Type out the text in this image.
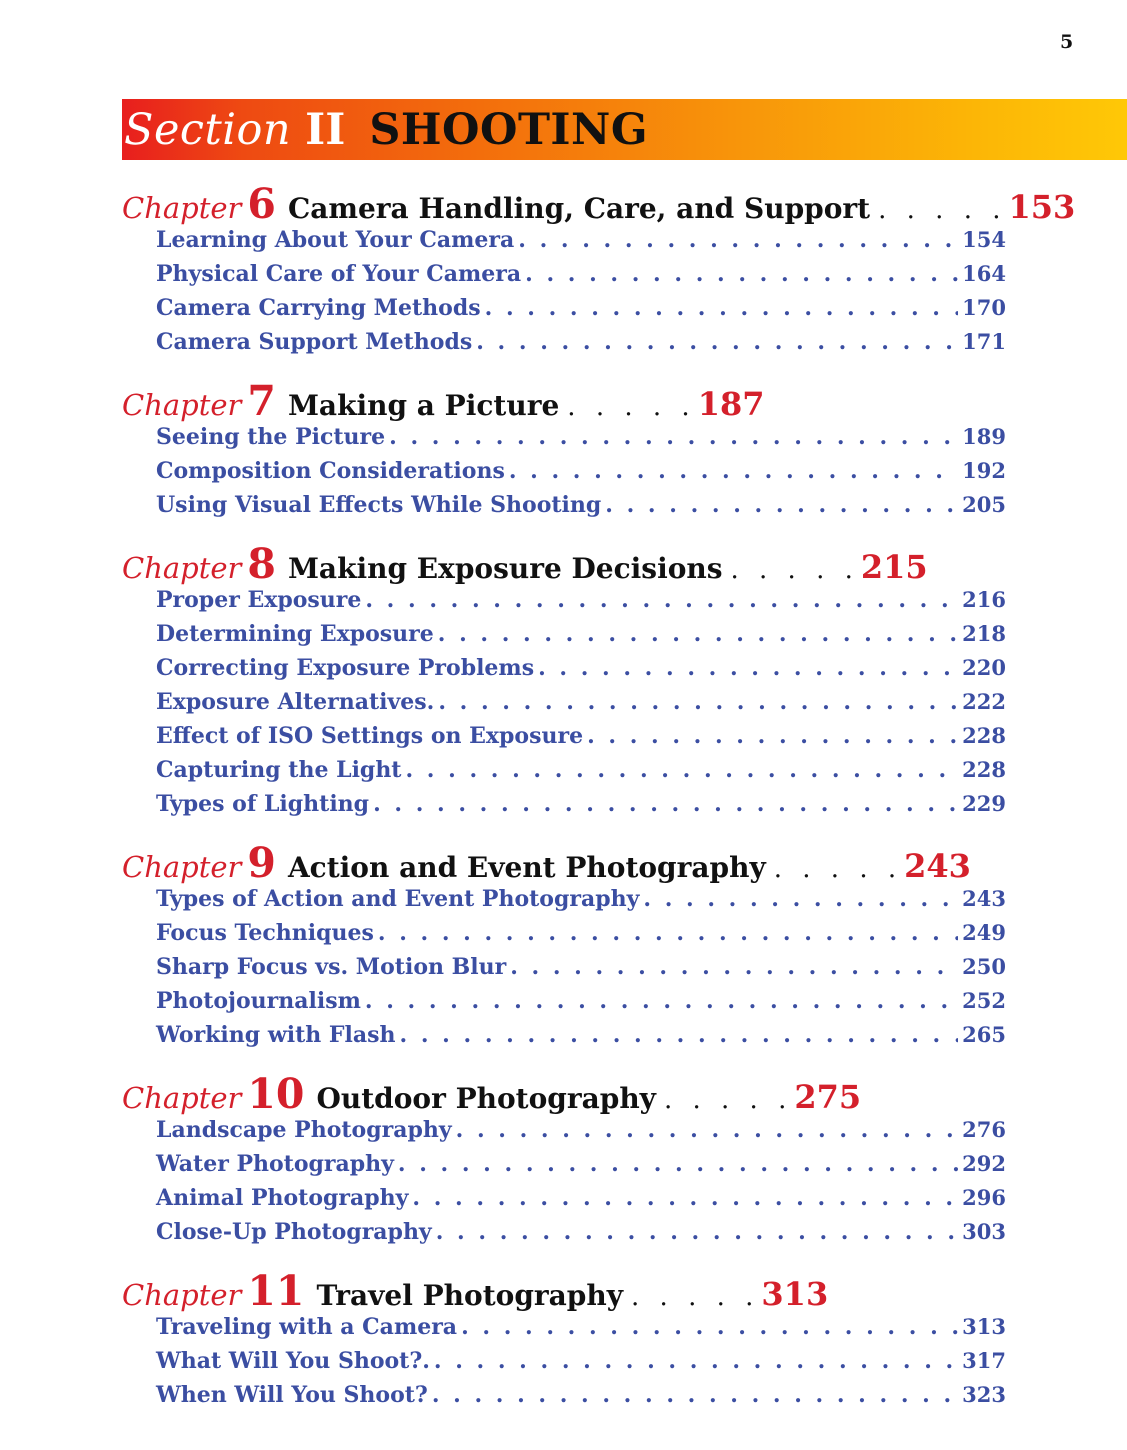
5
Section II SHOOTING
Chapter 6 Camera Handling, Care, and Support . . . . . 153
Learning About Your Camera . . .	154
Physical Care of Your Camera . . .	164
Camera Carrying Methods . . .	170
Camera Support Methods . . .	171
Chapter 7 Making a Picture . . . . . 187
Seeing the Picture . . .	189
Composition Considerations . . .	192
Using Visual Effects While Shooting . . .	205
Chapter 8 Making Exposure Decisions . . . . . 215
Proper Exposure . . .	216
Determining Exposure . . .	218
Correcting Exposure Problems . . .	220
Exposure Alternatives. . . .	222
Effect of ISO Settings on Exposure . . .	228
Capturing the Light . . .	228
Types of Lighting . . .	229
Chapter 9 Action and Event Photography . . . . . 243
Types of Action and Event Photography . . .	243
Focus Techniques . . .	249
Sharp Focus vs. Motion Blur . . .	250
Photojournalism . . .	252
Working with Flash . . .	265
Chapter 10 Outdoor Photography . . . . . 275
Landscape Photography . . .	276
Water Photography . . .	292
Animal Photography . . .	296
Close-Up Photography . . .	303
Chapter 11 Travel Photography . . . . . 313
Traveling with a Camera . . .	313
What Will You Shoot?. . . .	317
When Will You Shoot? . . .	323
